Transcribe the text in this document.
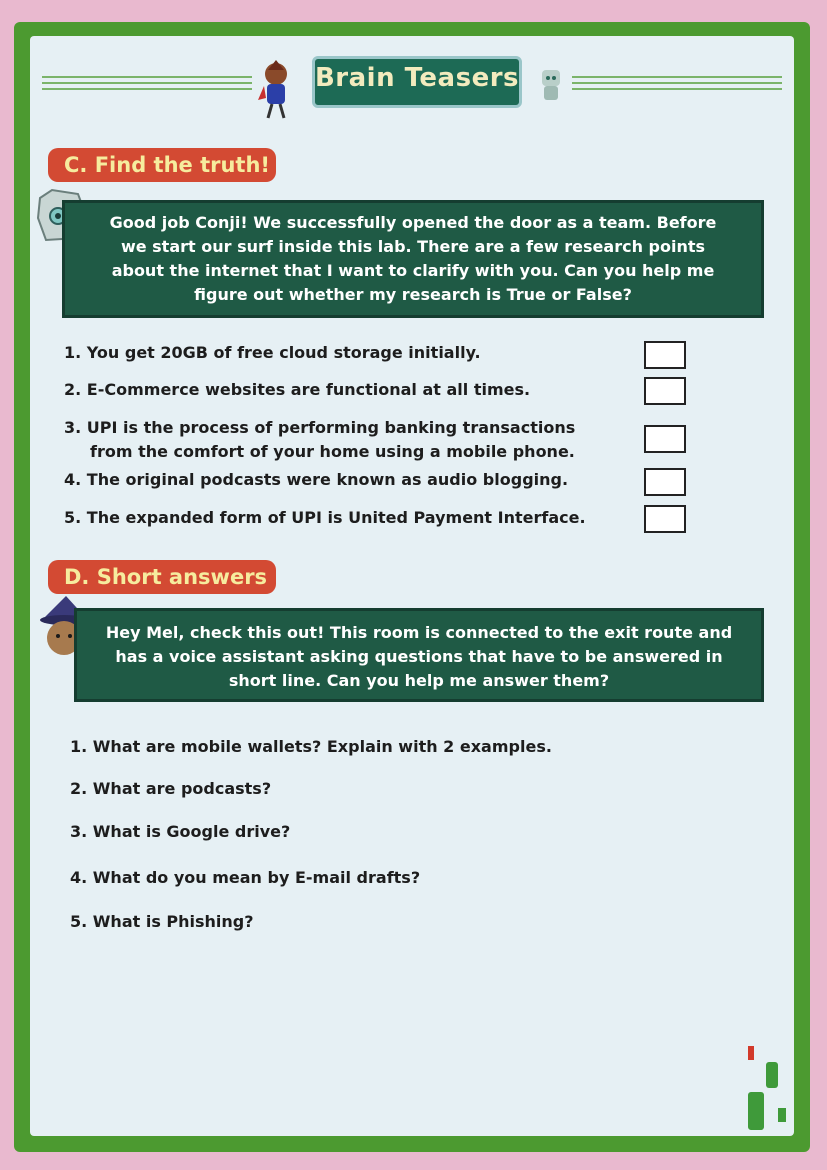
Brain Teasers
C. Find the truth!
Good job Conji! We successfully opened the door as a team. Before
we start our surf inside this lab. There are a few research points
about the internet that I want to clarify with you. Can you help me
figure out whether my research is True or False?
1. You get 20GB of free cloud storage initially.
2. E-Commerce websites are functional at all times.
3. UPI is the process of performing banking transactions
from the comfort of your home using a mobile phone.
4. The original podcasts were known as audio blogging.
5. The expanded form of UPI is United Payment Interface.
D. Short answers
Hey Mel, check this out! This room is connected to the exit route and
has a voice assistant asking questions that have to be answered in
short line. Can you help me answer them?
1. What are mobile wallets? Explain with 2 examples.
2. What are podcasts?
3. What is Google drive?
4. What do you mean by E-mail drafts?
5. What is Phishing?
